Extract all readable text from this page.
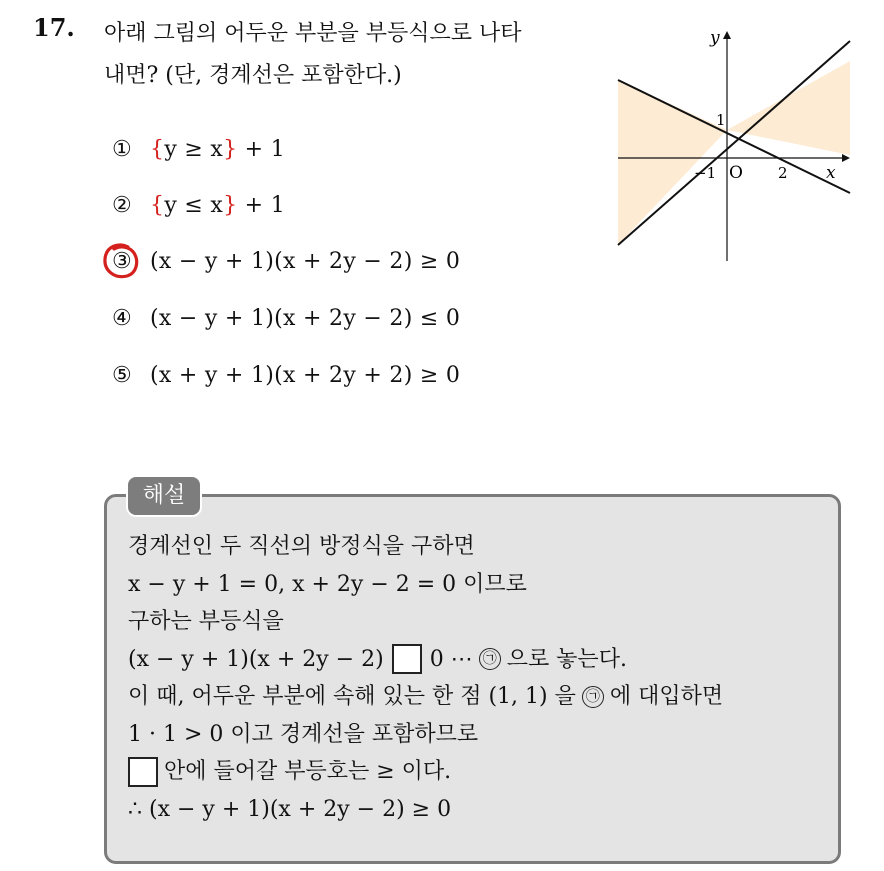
17. 아래 그림의 어두운 부분을 부등식으로 나타
내면? (단, 경계선은 포함한다.)
① {y ≥ x} + 1
② {y ≤ x} + 1
③ (x − y + 1)(x + 2y − 2) ≥ 0
④ (x − y + 1)(x + 2y − 2) ≤ 0
⑤ (x + y + 1)(x + 2y + 2) ≥ 0
y
x
O
−1	2
1
해설
경계선인 두 직선의 방정식을 구하면
x − y + 1 = 0, x + 2y − 2 = 0 이므로
구하는 부등식을
(x − y + 1)(x + 2y − 2) 0 ⋯ ㉠ 으로 놓는다.
이 때, 어두운 부분에 속해 있는 한 점 (1, 1) 을 ㉠ 에 대입하면
1 · 1 > 0 이고 경계선을 포함하므로
안에 들어갈 부등호는 ≥ 이다.
∴ (x − y + 1)(x + 2y − 2) ≥ 0
